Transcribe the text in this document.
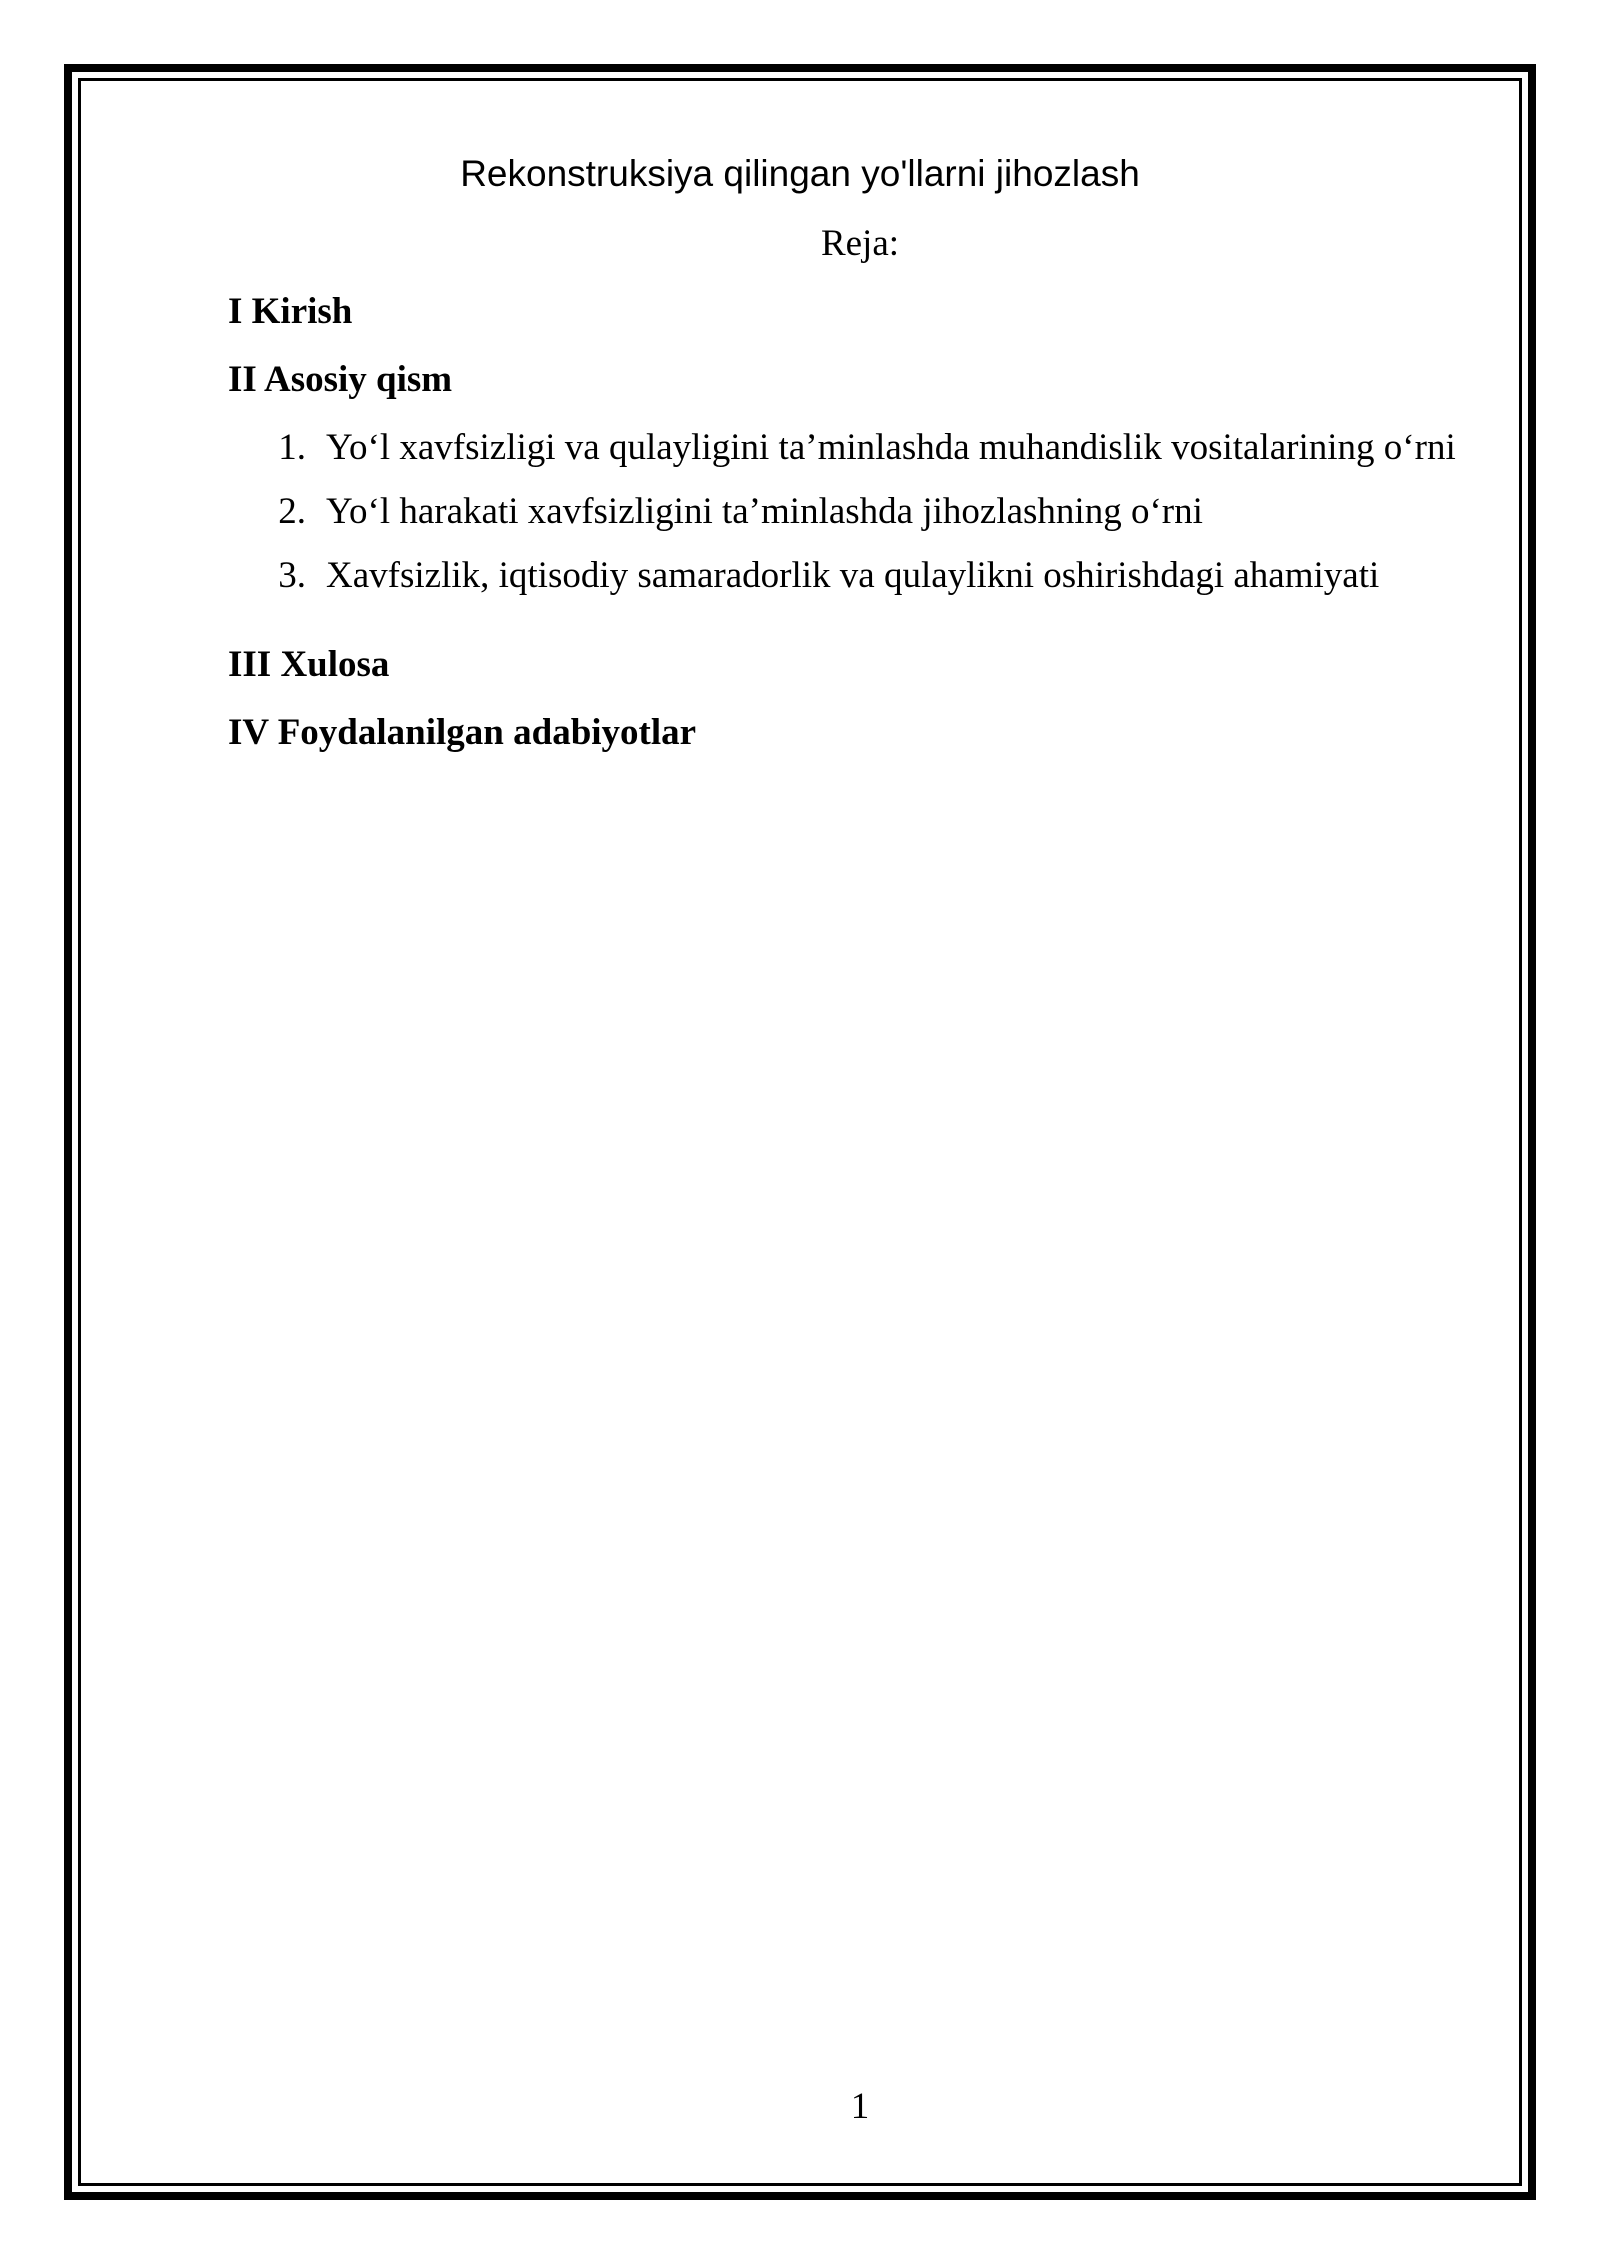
Rekonstruksiya qilingan yo'llarni jihozlash
Reja:
I Kirish
II Asosiy qism
1. Yo‘l xavfsizligi va qulayligini ta’minlashda muhandislik vositalarining o‘rni
2. Yo‘l harakati xavfsizligini ta’minlashda jihozlashning o‘rni
3. Xavfsizlik, iqtisodiy samaradorlik va qulaylikni oshirishdagi ahamiyati
III Xulosa
IV Foydalanilgan adabiyotlar
1
